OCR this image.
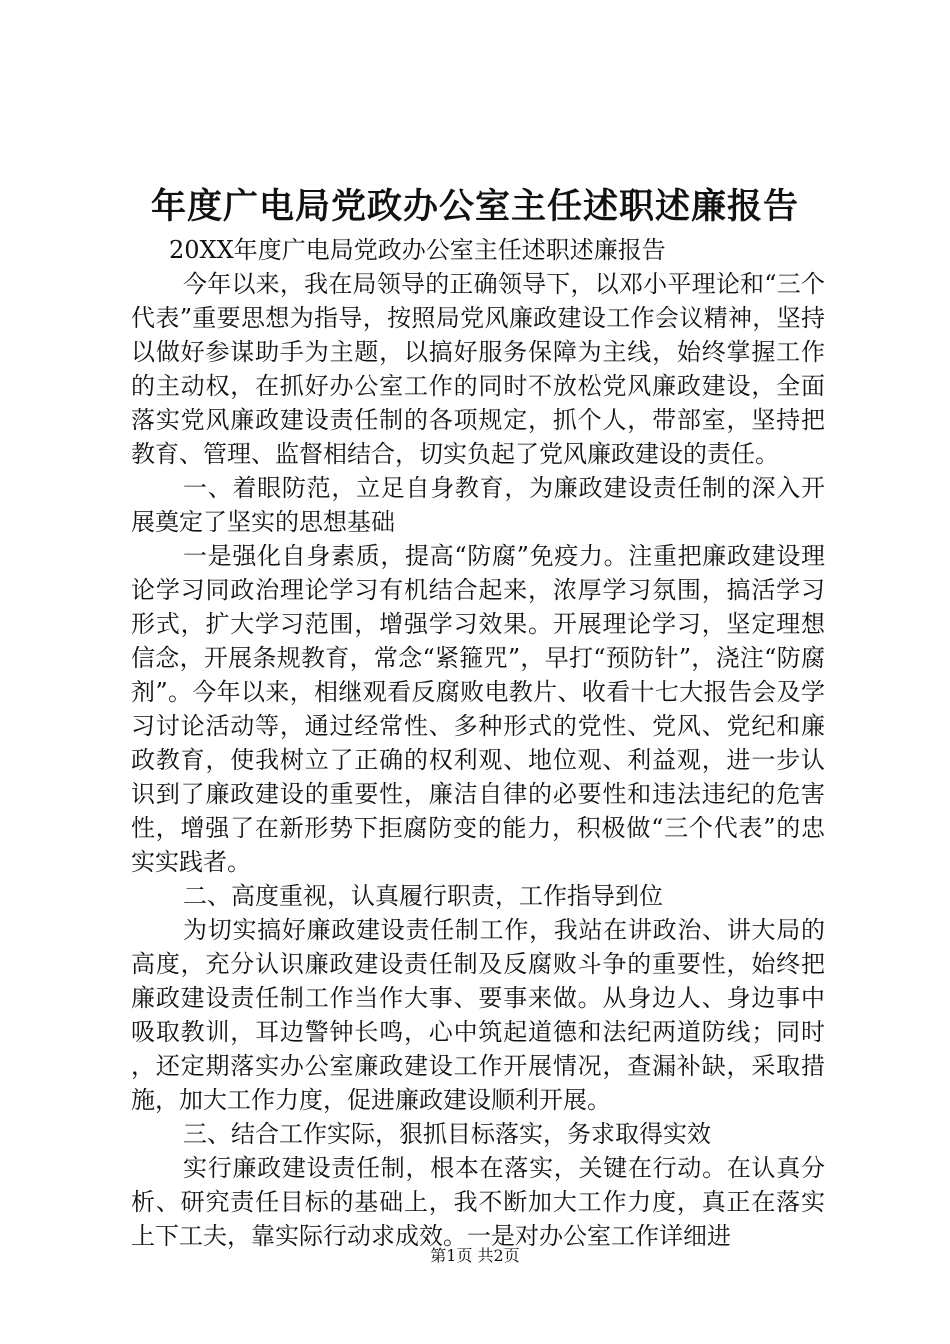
年度广电局党政办公室主任述职述廉报告

20XX年度广电局党政办公室主任述职述廉报告

今年以来，我在局领导的正确领导下，以邓小平理论和“三个代表”重要思想为指导，按照局党风廉政建设工作会议精神，坚持以做好参谋助手为主题，以搞好服务保障为主线，始终掌握工作的主动权，在抓好办公室工作的同时不放松党风廉政建设，全面落实党风廉政建设责任制的各项规定，抓个人，带部室，坚持把教育、管理、监督相结合，切实负起了党风廉政建设的责任。

一、着眼防范，立足自身教育，为廉政建设责任制的深入开展奠定了坚实的思想基础

一是强化自身素质，提高“防腐”免疫力。注重把廉政建设理论学习同政治理论学习有机结合起来，浓厚学习氛围，搞活学习形式，扩大学习范围，增强学习效果。开展理论学习，坚定理想信念，开展条规教育，常念“紧箍咒”，早打“预防针”，浇注“防腐剂”。今年以来，相继观看反腐败电教片、收看十七大报告会及学习讨论活动等，通过经常性、多种形式的党性、党风、党纪和廉政教育，使我树立了正确的权利观、地位观、利益观，进一步认识到了廉政建设的重要性，廉洁自律的必要性和违法违纪的危害性，增强了在新形势下拒腐防变的能力，积极做“三个代表”的忠实实践者。

二、高度重视，认真履行职责，工作指导到位

为切实搞好廉政建设责任制工作，我站在讲政治、讲大局的高度，充分认识廉政建设责任制及反腐败斗争的重要性，始终把廉政建设责任制工作当作大事、要事来做。从身边人、身边事中吸取教训，耳边警钟长鸣，心中筑起道德和法纪两道防线；同时，还定期落实办公室廉政建设工作开展情况，查漏补缺，采取措施，加大工作力度，促进廉政建设顺利开展。

三、结合工作实际，狠抓目标落实，务求取得实效

实行廉政建设责任制，根本在落实，关键在行动。在认真分析、研究责任目标的基础上，我不断加大工作力度，真正在落实上下工夫，靠实际行动求成效。一是对办公室工作详细进

第1页 共2页
